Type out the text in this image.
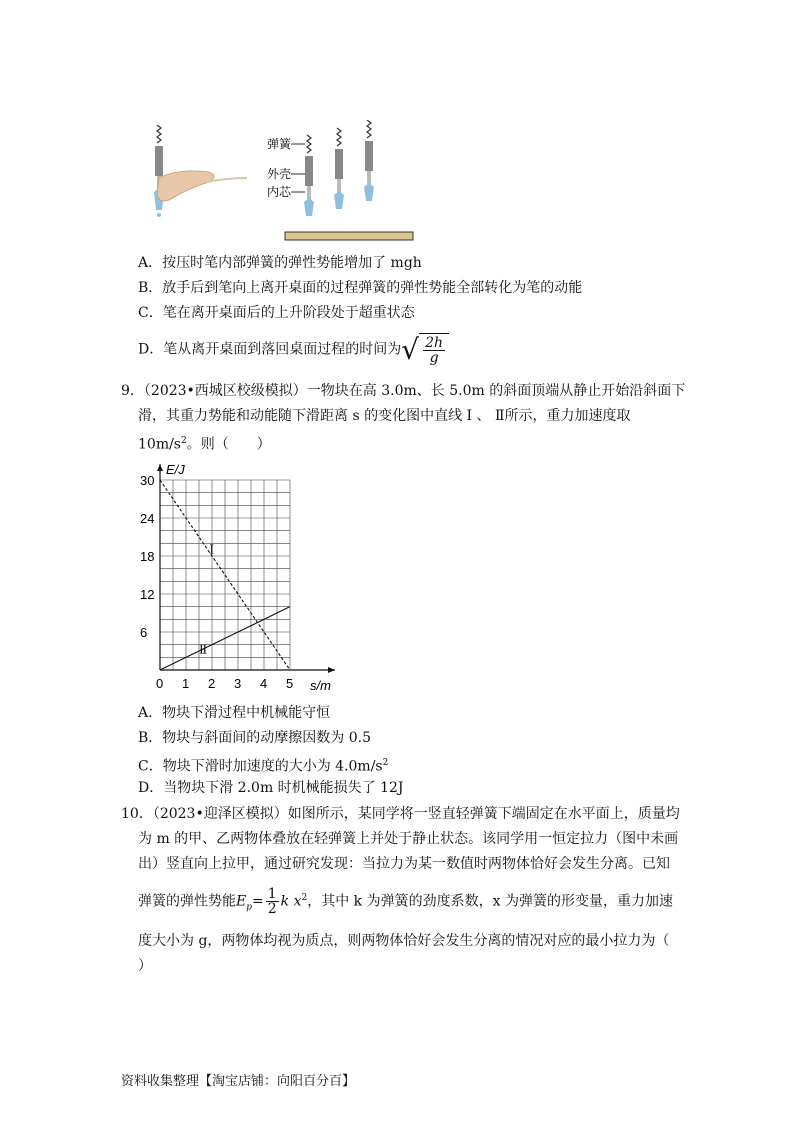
弹簧
外壳
内芯
A．按压时笔内部弹簧的弹性势能增加了 mgh
B．放手后到笔向上离开桌面的过程弹簧的弹性势能全部转化为笔的动能
C．笔在离开桌面后的上升阶段处于超重状态
D．笔从离开桌面到落回桌面过程的时间为√ $\frac{2h}{g}$
9．（2023•西城区校级模拟）一物块在高 3.0m、长 5.0m 的斜面顶端从静止开始沿斜面下
滑，其重力势能和动能随下滑距离 s 的变化图中直线 Ⅰ 、 Ⅱ所示，重力加速度取
$10m/s^2$。则（　　）
0 1 2 3 4 5
30
24
18
12
6
s/m
E/J
Ⅰ
Ⅱ
A．物块下滑过程中机械能守恒
B．物块与斜面间的动摩擦因数为 0.5
C．物块下滑时加速度的大小为 $4.0m/s^2$
D．当物块下滑 2.0m 时机械能损失了 12J
10．（2023•迎泽区模拟）如图所示，某同学将一竖直轻弹簧下端固定在水平面上，质量均
为 m 的甲、乙两物体叠放在轻弹簧上并处于静止状态。该同学用一恒定拉力（图中未画
出）竖直向上拉甲，通过研究发现：当拉力为某一数值时两物体恰好会发生分离。已知
弹簧的弹性势能$E_p= \frac{1}{2}$ k $x^2$，其中 k 为弹簧的劲度系数，x 为弹簧的形变量，重力加速
度大小为 g，两物体均视为质点，则两物体恰好会发生分离的情况对应的最小拉力为（
）
资料收集整理【淘宝店铺：向阳百分百】
